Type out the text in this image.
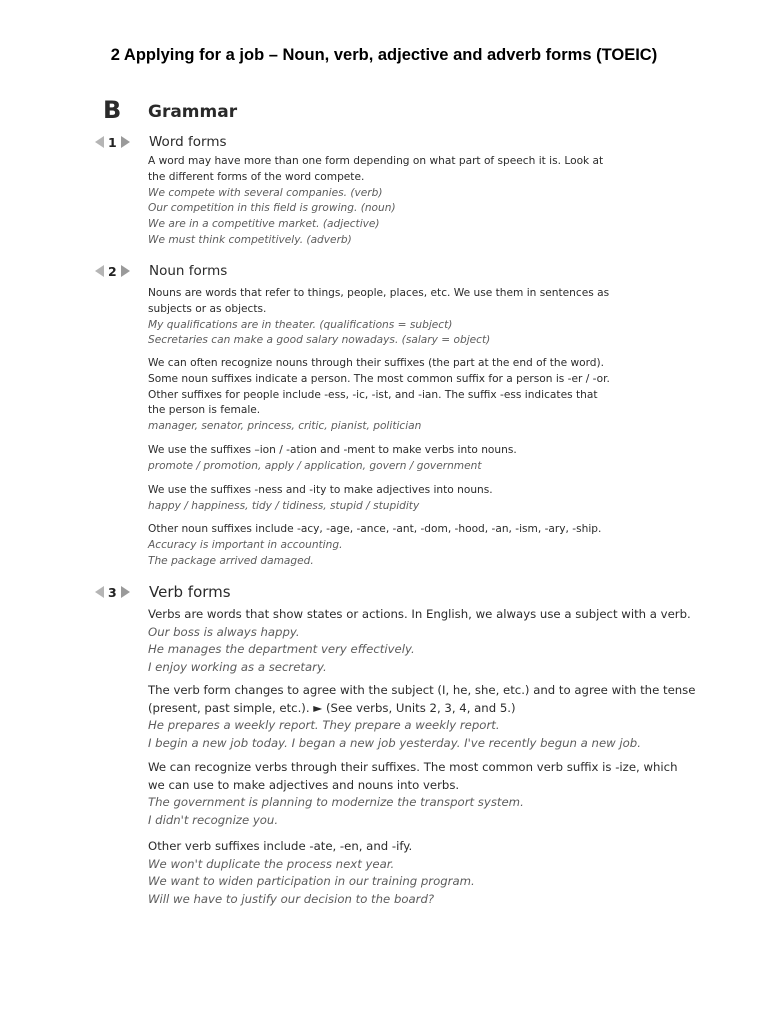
2 Applying for a job – Noun, verb, adjective and adverb forms (TOEIC)
B Grammar
1 Word forms
A word may have more than one form depending on what part of speech it is. Look at
the different forms of the word compete.
We compete with several companies. (verb)
Our competition in this field is growing. (noun)
We are in a competitive market. (adjective)
We must think competitively. (adverb)
2 Noun forms
Nouns are words that refer to things, people, places, etc. We use them in sentences as
subjects or as objects.
My qualifications are in theater. (qualifications = subject)
Secretaries can make a good salary nowadays. (salary = object)
We can often recognize nouns through their suffixes (the part at the end of the word).
Some noun suffixes indicate a person. The most common suffix for a person is -er / -or.
Other suffixes for people include -ess, -ic, -ist, and -ian. The suffix -ess indicates that
the person is female.
manager, senator, princess, critic, pianist, politician
We use the suffixes –ion / -ation and -ment to make verbs into nouns.
promote / promotion, apply / application, govern / government
We use the suffixes -ness and -ity to make adjectives into nouns.
happy / happiness, tidy / tidiness, stupid / stupidity
Other noun suffixes include -acy, -age, -ance, -ant, -dom, -hood, -an, -ism, -ary, -ship.
Accuracy is important in accounting.
The package arrived damaged.
3 Verb forms
Verbs are words that show states or actions. In English, we always use a subject with a verb.
Our boss is always happy.
He manages the department very effectively.
I enjoy working as a secretary.
The verb form changes to agree with the subject (I, he, she, etc.) and to agree with the tense
(present, past simple, etc.). ► (See verbs, Units 2, 3, 4, and 5.)
He prepares a weekly report. They prepare a weekly report.
I begin a new job today. I began a new job yesterday. I've recently begun a new job.
We can recognize verbs through their suffixes. The most common verb suffix is -ize, which
we can use to make adjectives and nouns into verbs.
The government is planning to modernize the transport system.
I didn't recognize you.
Other verb suffixes include -ate, -en, and -ify.
We won't duplicate the process next year.
We want to widen participation in our training program.
Will we have to justify our decision to the board?
